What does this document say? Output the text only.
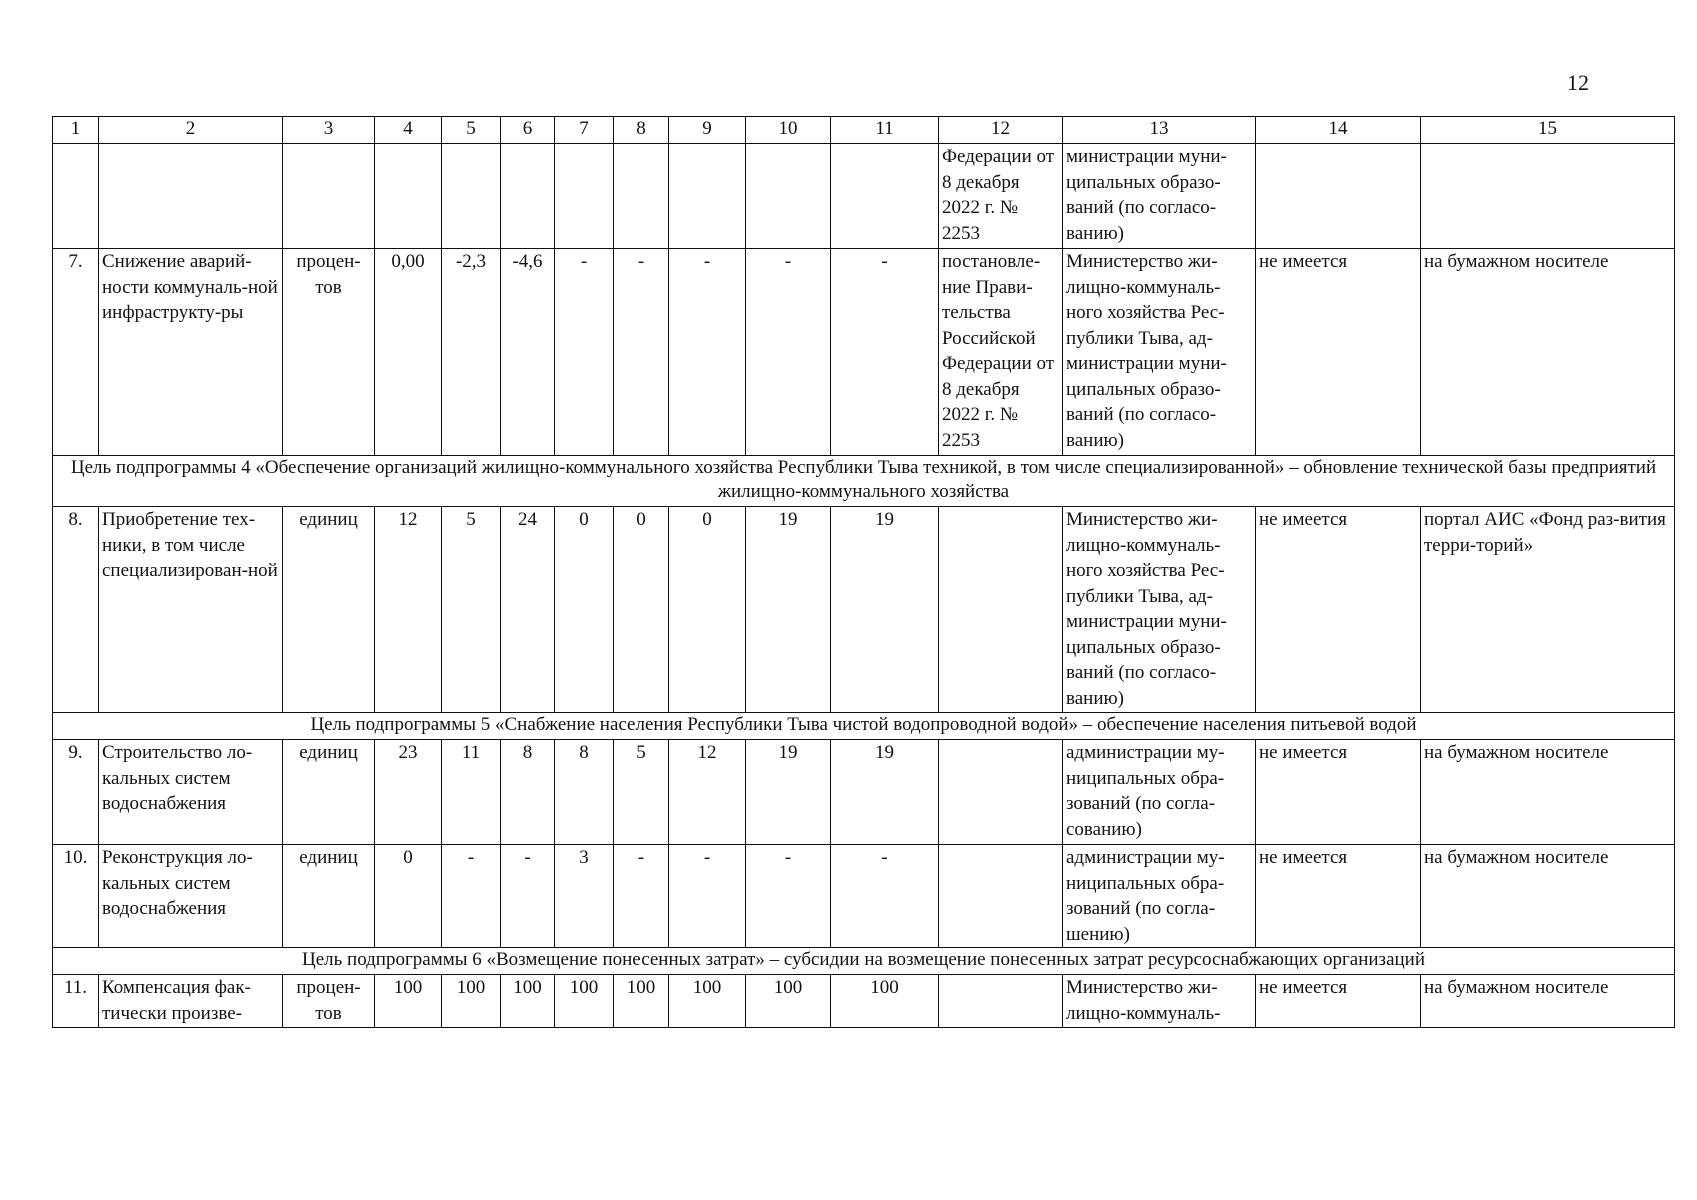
12
1	2	3	4	5	6	7	8	9	10	11	12	13	14	15
											Федерации от 8 декабря 2022 г. № 2253	министрации муни-ципальных образо-ваний (по согласо-ванию)		
7.	Снижение аварий-ности коммуналь-ной инфраструкту-ры	процен-тов	0,00	-2,3	-4,6	-	-	-	-	-	постановле-ние Прави-тельства Российской Федерации от 8 декабря 2022 г. № 2253	Министерство жи-лищно-коммуналь-ного хозяйства Рес-публики Тыва, ад-министрации муни-ципальных образо-ваний (по согласо-ванию)	не имеется	на бумажном носителе
Цель подпрограммы 4 «Обеспечение организаций жилищно-коммунального хозяйства Республики Тыва техникой, в том числе специализированной» – обновление технической базы предприятий жилищно-коммунального хозяйства														
8.	Приобретение тех-ники, в том числе специализирован-ной	единиц	12	5	24	0	0	0	19	19		Министерство жи-лищно-коммуналь-ного хозяйства Рес-публики Тыва, ад-министрации муни-ципальных образо-ваний (по согласо-ванию)	не имеется	портал АИС «Фонд раз-вития терри-торий»
Цель подпрограммы 5 «Снабжение населения Республики Тыва чистой водопроводной водой» – обеспечение населения питьевой водой														
9.	Строительство ло-кальных систем водоснабжения	единиц	23	11	8	8	5	12	19	19		администрации му-ниципальных обра-зований (по согла-сованию)	не имеется	на бумажном носителе
10.	Реконструкция ло-кальных систем водоснабжения	единиц	0	-	-	3	-	-	-	-		администрации му-ниципальных обра-зований (по согла-шению)	не имеется	на бумажном носителе
Цель подпрограммы 6 «Возмещение понесенных затрат» – субсидии на возмещение понесенных затрат ресурсоснабжающих организаций														
11.	Компенсация фак-тически произве-	процен-тов	100	100	100	100	100	100	100	100		Министерство жи-лищно-коммуналь-	не имеется	на бумажном носителе
